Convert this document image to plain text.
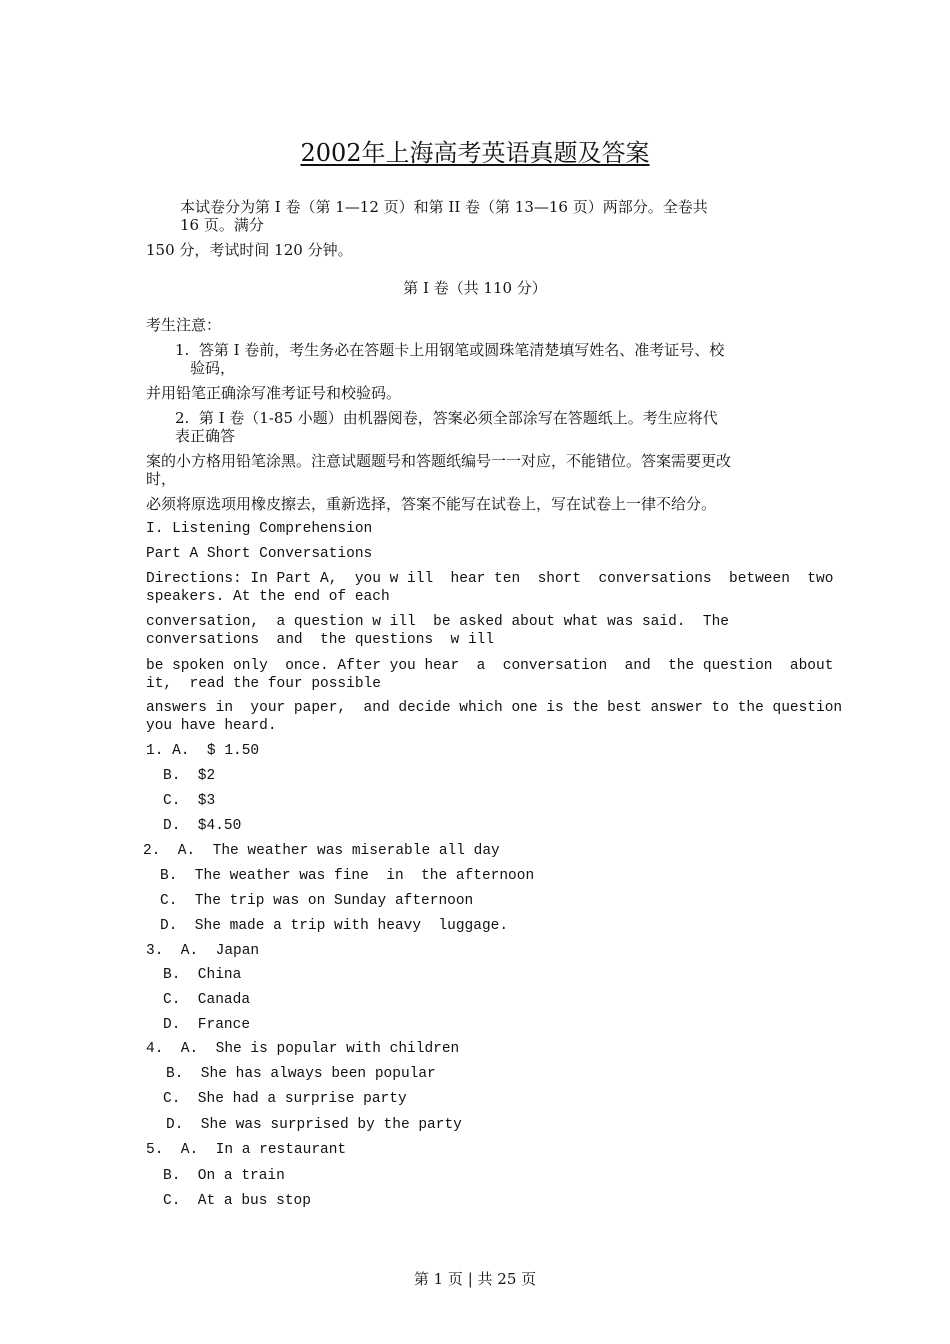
2002年上海高考英语真题及答案
本试卷分为第 I 卷（第 1—12 页）和第 II 卷（第 13—16 页）两部分。全卷共
16 页。满分
150 分，考试时间 120 分钟。
第 I 卷（共 110 分）
考生注意：
1.  答第 I 卷前，考生务必在答题卡上用钢笔或圆珠笔清楚填写姓名、准考证号、校
验码，
并用铅笔正确涂写准考证号和校验码。
2.  第 I 卷（1-85 小题）由机器阅卷，答案必须全部涂写在答题纸上。考生应将代
表正确答
案的小方格用铅笔涂黑。注意试题题号和答题纸编号一一对应，不能错位。答案需要更改
时，
必须将原选项用橡皮擦去，重新选择，答案不能写在试卷上，写在试卷上一律不给分。
I. Listening Comprehension
Part A Short Conversations
Directions: In Part A,  you w ill  hear ten  short  conversations  between  two
speakers. At the end of each
conversation,  a question w ill  be asked about what was said.  The
conversations  and  the questions  w ill
be spoken only  once. After you hear  a  conversation  and  the question  about
it,  read the four possible
answers in  your paper,  and decide which one is the best answer to the question
you have heard.
1. A.  $ 1.50
B.  $2
C.  $3
D.  $4.50
2.  A.  The weather was miserable all day
B.  The weather was fine  in  the afternoon
C.  The trip was on Sunday afternoon
D.  She made a trip with heavy  luggage.
3.  A.  Japan
B.  China
C.  Canada
D.  France
4.  A.  She is popular with children
B.  She has always been popular
C.  She had a surprise party
D.  She was surprised by the party
5.  A.  In a restaurant
B.  On a train
C.  At a bus stop
第 1 页 | 共 25 页
